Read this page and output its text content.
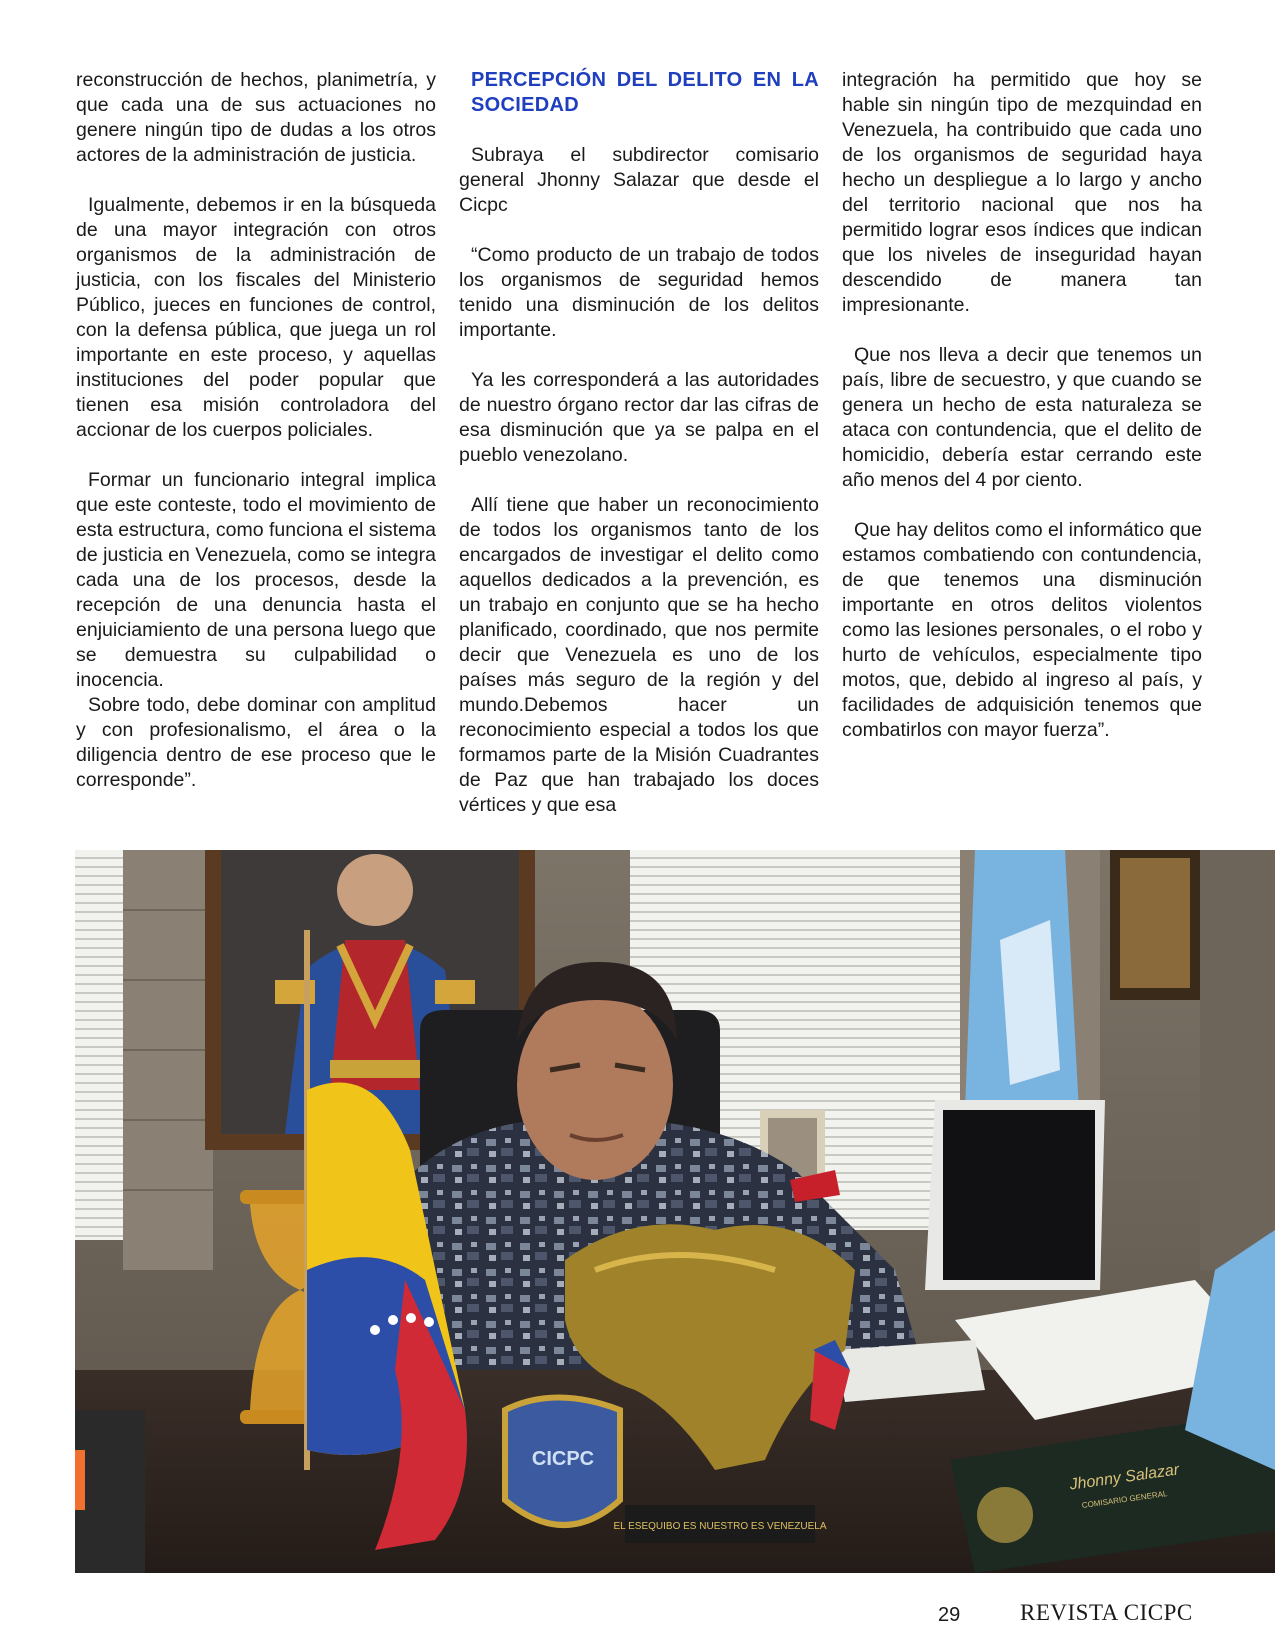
reconstrucción de hechos, planimetría, y que cada una de sus actuaciones no genere ningún tipo de dudas a los otros actores de la administración de justicia.

Igualmente, debemos ir en la búsqueda de una mayor integración con otros organismos de la administración de justicia, con los fiscales del Ministerio Público, jueces en funciones de control, con la defensa pública, que juega un rol importante en este proceso, y aquellas instituciones del poder popular que tienen esa misión controladora del accionar de los cuerpos policiales.

Formar un funcionario integral implica que este conteste, todo el movimiento de esta estructura, como funciona el sistema de justicia en Venezuela, como se integra cada una de los procesos, desde la recepción de una denuncia hasta el enjuiciamiento de una persona luego que se demuestra su culpabilidad o inocencia.

Sobre todo, debe dominar con amplitud y con profesionalismo, el área o la diligencia dentro de ese proceso que le corresponde”.

PERCEPCIÓN DEL DELITO EN LA SOCIEDAD

Subraya el subdirector comisario general Jhonny Salazar que desde el Cicpc

“Como producto de un trabajo de todos los organismos de seguridad hemos tenido una disminución de los delitos importante.

Ya les corresponderá a las autoridades de nuestro órgano rector dar las cifras de esa disminución que ya se palpa en el pueblo venezolano.

Allí tiene que haber un reconocimiento de todos los organismos tanto de los encargados de investigar el delito como aquellos dedicados a la prevención, es un trabajo en conjunto que se ha hecho planificado, coordinado, que nos permite decir que Venezuela es uno de los países más seguro de la región y del mundo.Debemos hacer un reconocimiento especial a todos los que formamos parte de la Misión Cuadrantes de Paz que han trabajado los doces vértices y que esa

integración ha permitido que hoy se hable sin ningún tipo de mezquindad en Venezuela, ha contribuido que cada uno de los organismos de seguridad haya hecho un despliegue a lo largo y ancho del territorio nacional que nos ha permitido lograr esos índices que indican que los niveles de inseguridad hayan descendido de manera tan impresionante.

Que nos lleva a decir que tenemos un país, libre de secuestro, y que cuando se genera un hecho de esta naturaleza se ataca con contundencia, que el delito de homicidio, debería estar cerrando este año menos del 4 por ciento.

Que hay delitos como el informático que estamos combatiendo con contundencia, de que tenemos una disminución importante en otros delitos violentos como las lesiones personales, o el robo y hurto de vehículos, especialmente tipo motos, que, debido al ingreso al país, y facilidades de adquisición tenemos que combatirlos con mayor fuerza”.

CICPC
EL ESEQUIBO ES NUESTRO ES VENEZUELA
Jhonny Salazar
COMISARIO GENERAL
29	REVISTA CICPC
